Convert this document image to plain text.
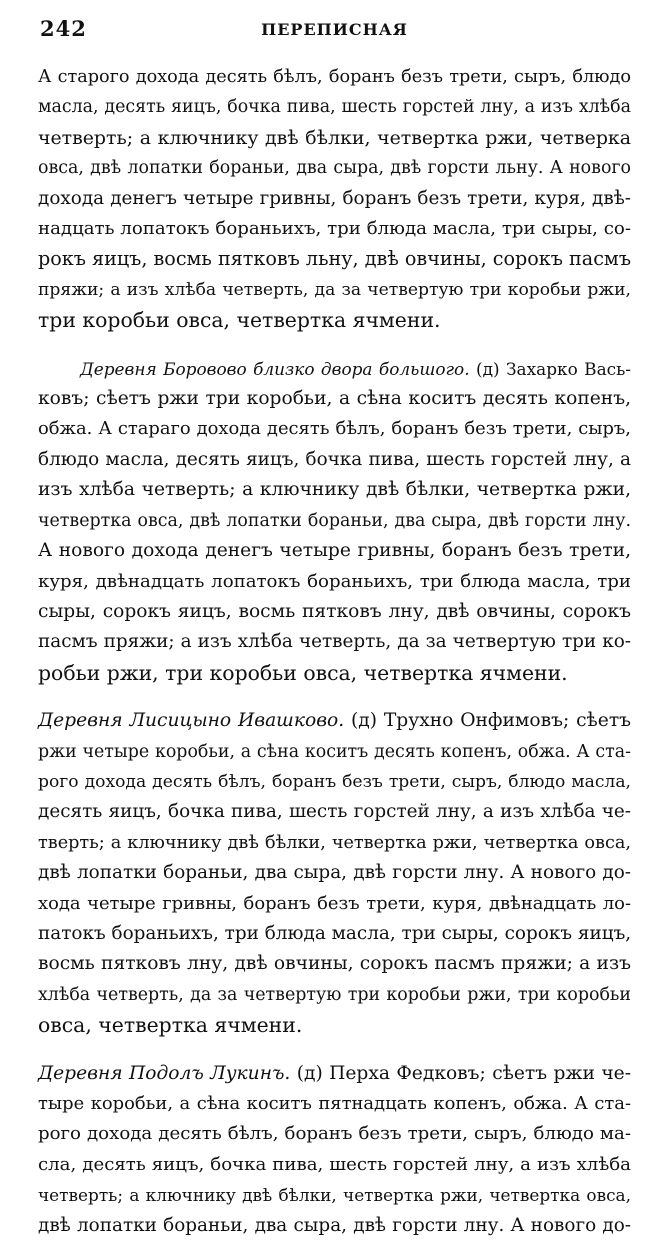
242	ПЕРЕПИСНАЯ
А старого дохода десять бѣлъ, боранъ безъ трети, сыръ, блюдо
масла, десять яицъ, бочка пива, шесть горстей лну, а изъ хлѣба
четверть; а ключнику двѣ бѣлки, четвертка ржи, четверка
овса, двѣ лопатки бораньи, два сыра, двѣ горсти льну. А нового
дохода денегъ четыре гривны, боранъ безъ трети, куря, двѣ-
надцать лопатокъ бораньихъ, три блюда масла, три сыры, со-
рокъ яицъ, восмь пятковъ льну, двѣ овчины, сорокъ пасмъ
пряжи; а изъ хлѣба четверть, да за четвертую три коробьи ржи,
три коробьи овса, четвертка ячмени.
Деревня Боровово близко двора большого. (д) Захарко Вась-
ковъ; сѣетъ ржи три коробьи, а сѣна коситъ десять копенъ,
обжа. А стараго дохода десять бѣлъ, боранъ безъ трети, сыръ,
блюдо масла, десять яицъ, бочка пива, шесть горстей лну, а
изъ хлѣба четверть; а ключнику двѣ бѣлки, четвертка ржи,
четвертка овса, двѣ лопатки бораньи, два сыра, двѣ горсти лну.
А нового дохода денегъ четыре гривны, боранъ безъ трети,
куря, двѣнадцать лопатокъ бораньихъ, три блюда масла, три
сыры, сорокъ яицъ, восмь пятковъ лну, двѣ овчины, сорокъ
пасмъ пряжи; а изъ хлѣба четверть, да за четвертую три ко-
робьи ржи, три коробьи овса, четвертка ячмени.
Деревня Лисицыно Ивашково. (д) Трухно Онфимовъ; сѣетъ
ржи четыре коробьи, а сѣна коситъ десять копенъ, обжа. А ста-
рого дохода десять бѣлъ, боранъ безъ трети, сыръ, блюдо масла,
десять яицъ, бочка пива, шесть горстей лну, а изъ хлѣба че-
тверть; а ключнику двѣ бѣлки, четвертка ржи, четвертка овса,
двѣ лопатки бораньи, два сыра, двѣ горсти лну. А нового до-
хода четыре гривны, боранъ безъ трети, куря, двѣнадцать ло-
патокъ бораньихъ, три блюда масла, три сыры, сорокъ яицъ,
восмь пятковъ лну, двѣ овчины, сорокъ пасмъ пряжи; а изъ
хлѣба четверть, да за четвертую три коробьи ржи, три коробьи
овса, четвертка ячмени.
Деревня Подолъ Лукинъ. (д) Перха Федковъ; сѣетъ ржи че-
тыре коробьи, а сѣна коситъ пятнадцать копенъ, обжа. А ста-
рого дохода десять бѣлъ, боранъ безъ трети, сыръ, блюдо ма-
сла, десять яицъ, бочка пива, шесть горстей лну, а изъ хлѣба
четверть; а ключнику двѣ бѣлки, четвертка ржи, четвертка овса,
двѣ лопатки бораньи, два сыра, двѣ горсти лну. А нового до-
